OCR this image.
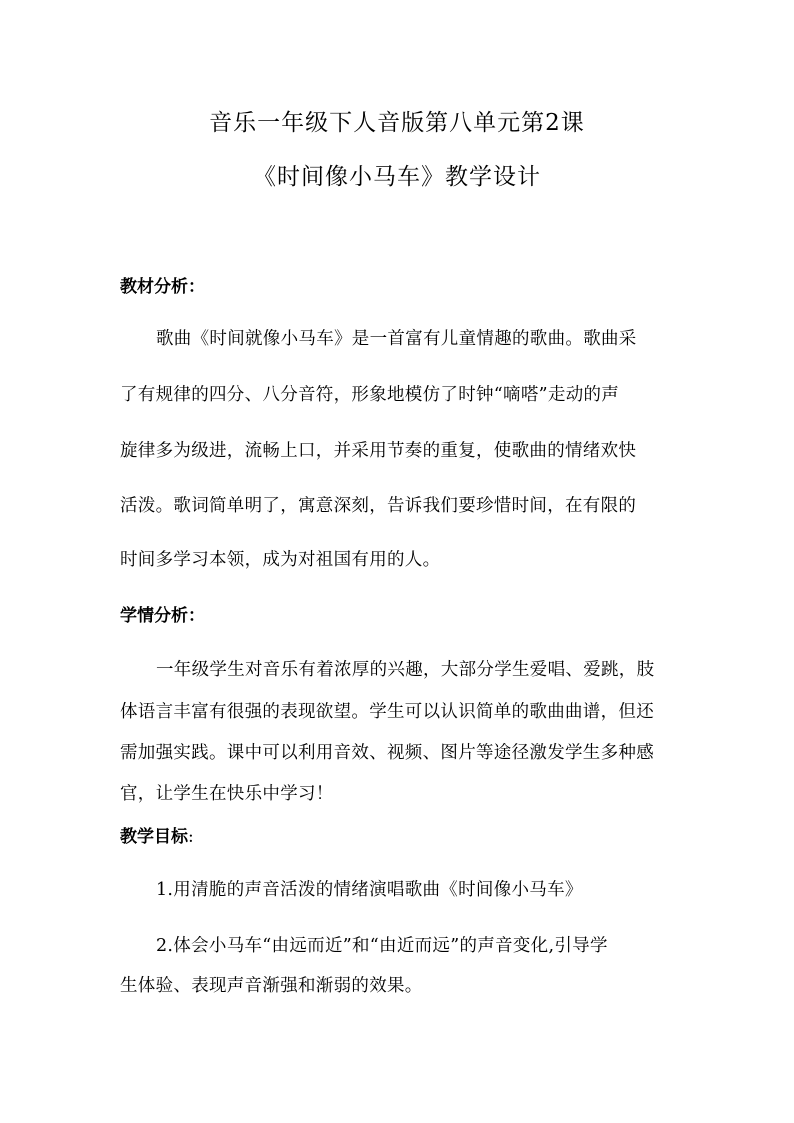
音乐一年级下人音版第八单元第2课
《时间像小马车》教学设计
教材分析：
歌曲《时间就像小马车》是一首富有儿童情趣的歌曲。歌曲采
了有规律的四分、八分音符，形象地模仿了时钟“嘀嗒”走动的声
旋律多为级进，流畅上口，并采用节奏的重复，使歌曲的情绪欢快
活泼。歌词简单明了，寓意深刻，告诉我们要珍惜时间，在有限的
时间多学习本领，成为对祖国有用的人。
学情分析：
一年级学生对音乐有着浓厚的兴趣，大部分学生爱唱、爱跳，肢
体语言丰富有很强的表现欲望。学生可以认识简单的歌曲曲谱，但还
需加强实践。课中可以利用音效、视频、图片等途径激发学生多种感
官，让学生在快乐中学习！
教学目标:
1.用清脆的声音活泼的情绪演唱歌曲《时间像小马车》
2.体会小马车“由远而近”和“由近而远”的声音变化,引导学
生体验、表现声音渐强和渐弱的效果。
